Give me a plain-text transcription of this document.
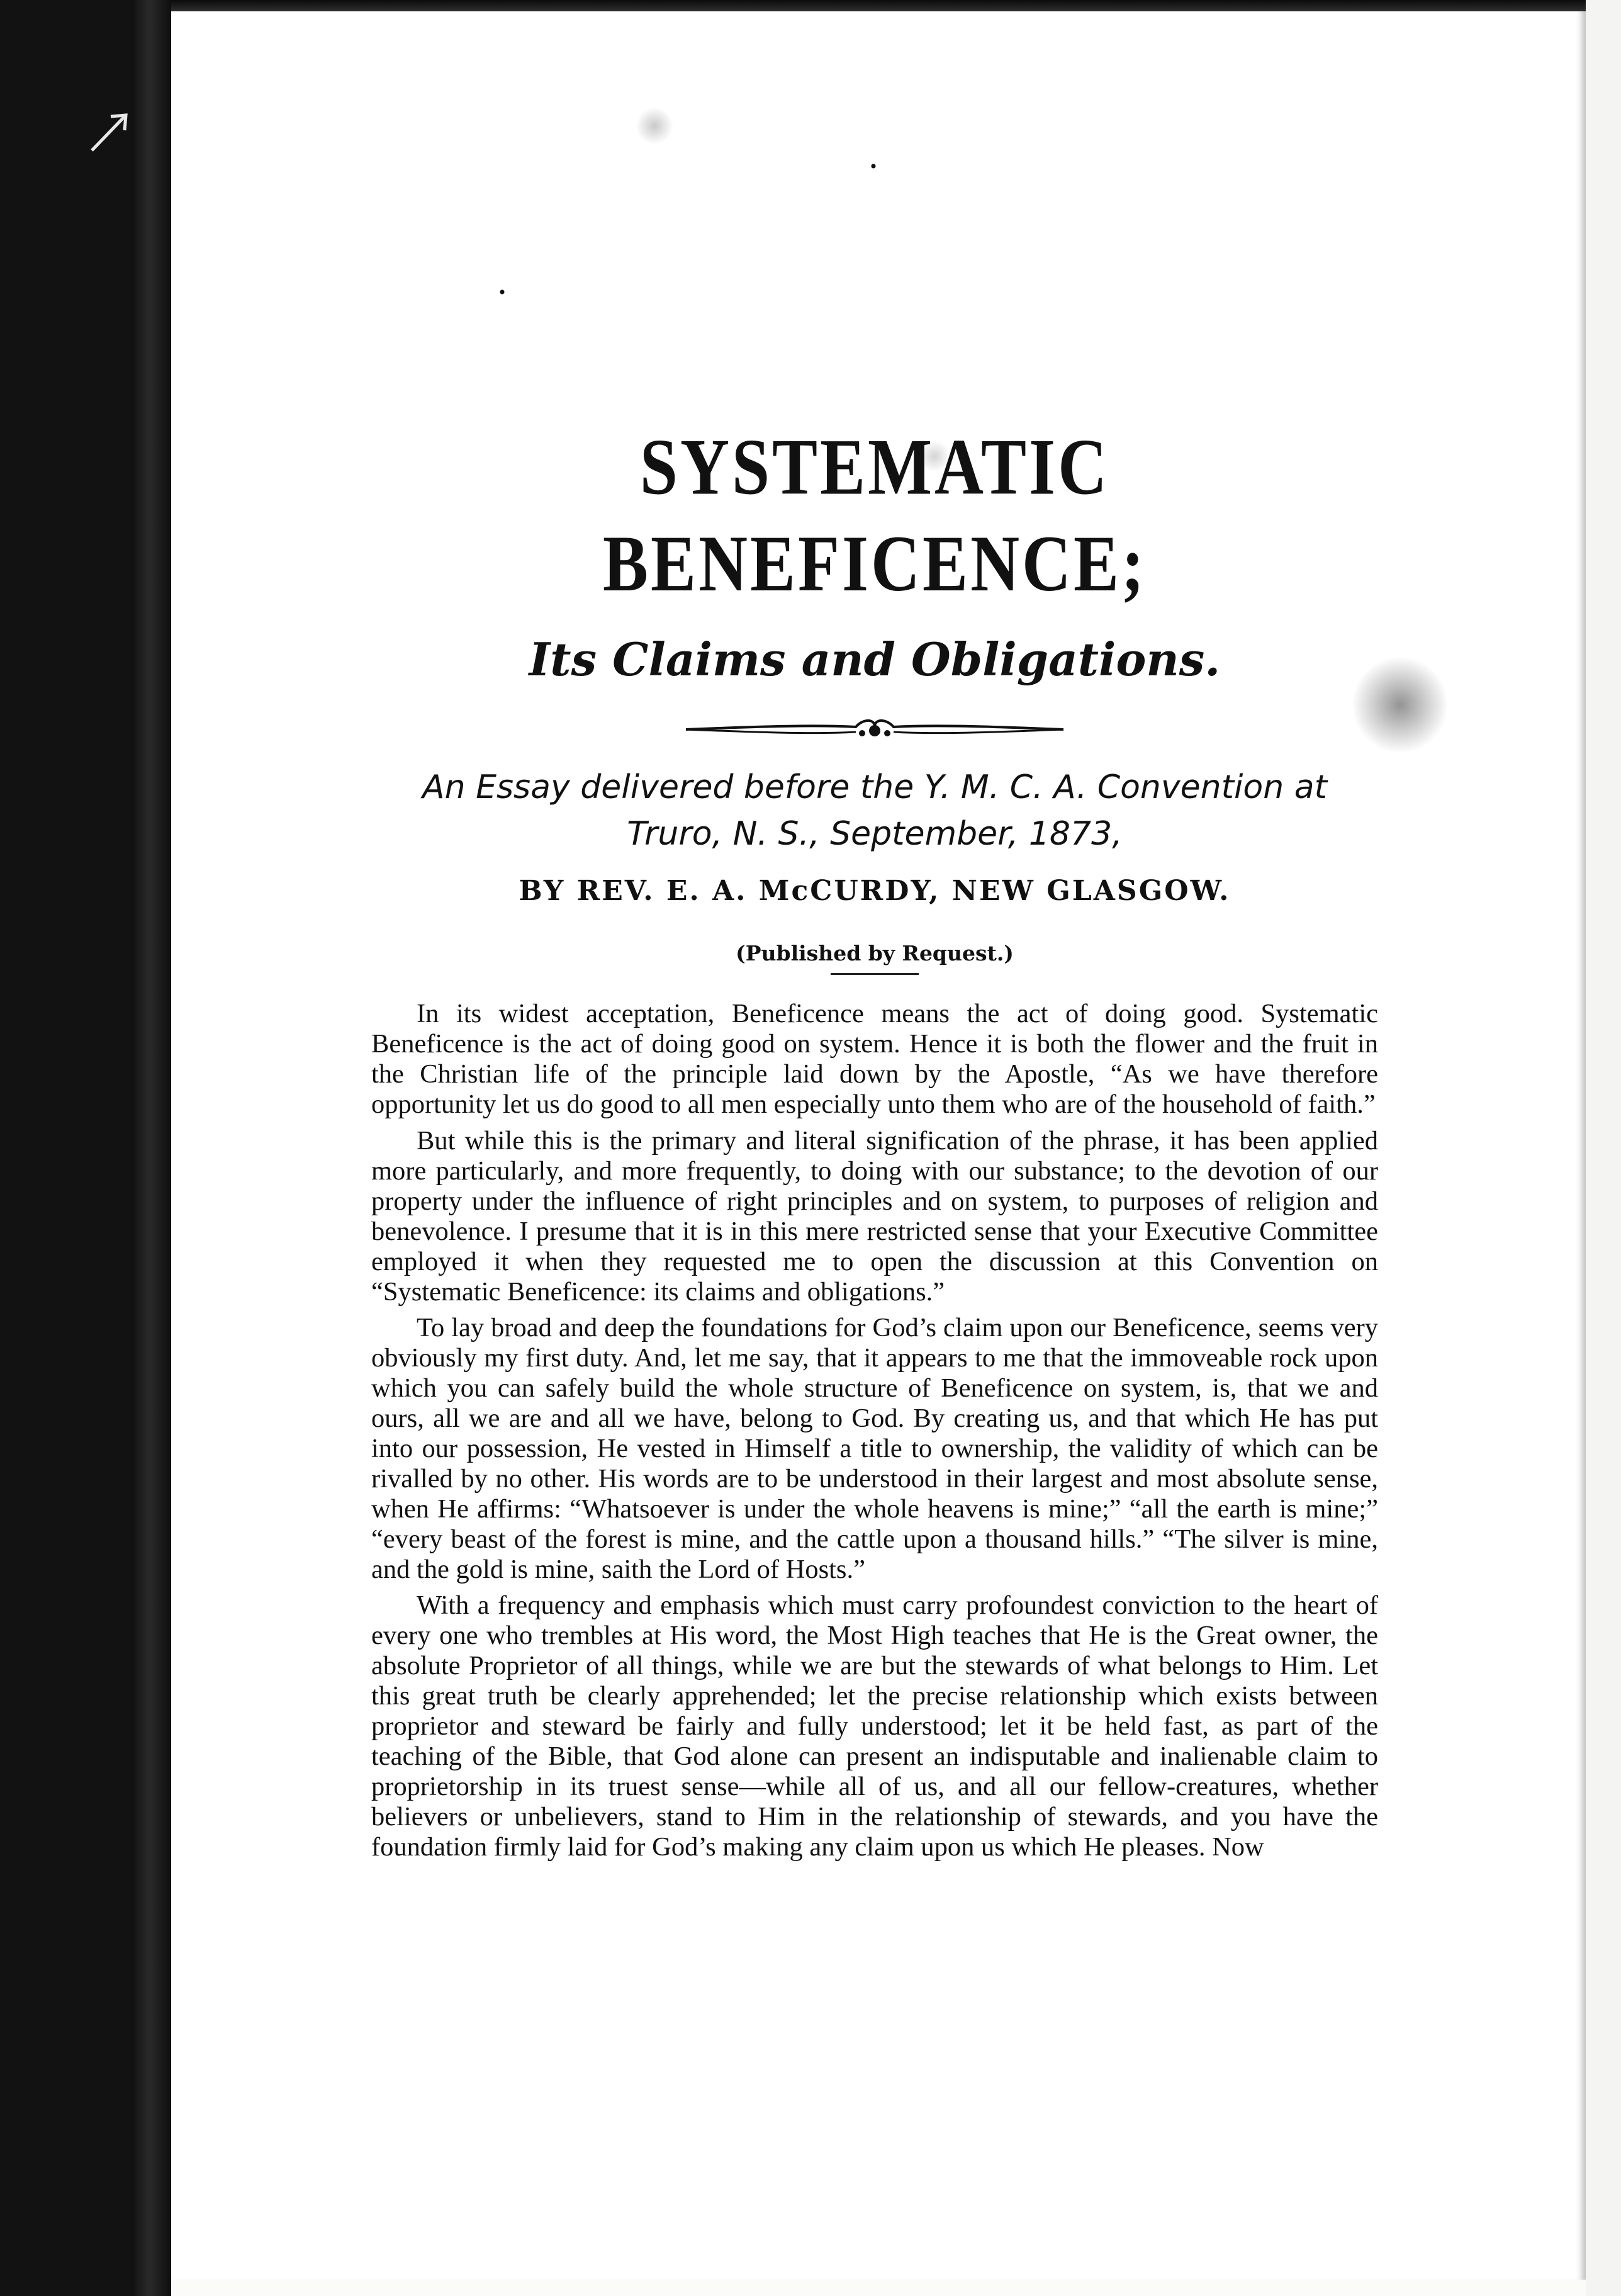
·
·
SYSTEMATIC BENEFICENCE;
Its Claims and Obligations.

An Essay delivered before the Y. M. C. A. Convention at
Truro, N. S., September, 1873,

BY REV. E. A. McCURDY, NEW GLASGOW.
(Published by Request.)

In its widest acceptation, Beneficence means the act of doing good. Systematic Beneficence is the act of doing good on system. Hence it is both the flower and the fruit in the Christian life of the principle laid down by the Apostle, “As we have therefore opportunity let us do good to all men especially unto them who are of the household of faith.”

But while this is the primary and literal signification of the phrase, it has been applied more particularly, and more frequently, to doing with our substance; to the devotion of our property under the influence of right principles and on system, to purposes of religion and benevolence. I presume that it is in this mere restricted sense that your Executive Committee employed it when they requested me to open the discussion at this Convention on “Systematic Beneficence: its claims and obligations.”

To lay broad and deep the foundations for God’s claim upon our Beneficence, seems very obviously my first duty. And, let me say, that it appears to me that the immoveable rock upon which you can safely build the whole structure of Beneficence on system, is, that we and ours, all we are and all we have, belong to God. By creating us, and that which He has put into our possession, He vested in Himself a title to ownership, the validity of which can be rivalled by no other. His words are to be understood in their largest and most absolute sense, when He affirms: “Whatsoever is under the whole heavens is mine;” “all the earth is mine;” “every beast of the forest is mine, and the cattle upon a thousand hills.” “The silver is mine, and the gold is mine, saith the Lord of Hosts.”

With a frequency and emphasis which must carry profoundest conviction to the heart of every one who trembles at His word, the Most High teaches that He is the Great owner, the absolute Proprietor of all things, while we are but the stewards of what belongs to Him. Let this great truth be clearly apprehended; let the precise relationship which exists between proprietor and steward be fairly and fully understood; let it be held fast, as part of the teaching of the Bible, that God alone can present an indisputable and inalienable claim to proprietorship in its truest sense—while all of us, and all our fellow-creatures, whether believers or unbelievers, stand to Him in the relationship of stewards, and you have the foundation firmly laid for God’s making any claim upon us which He pleases. Now
